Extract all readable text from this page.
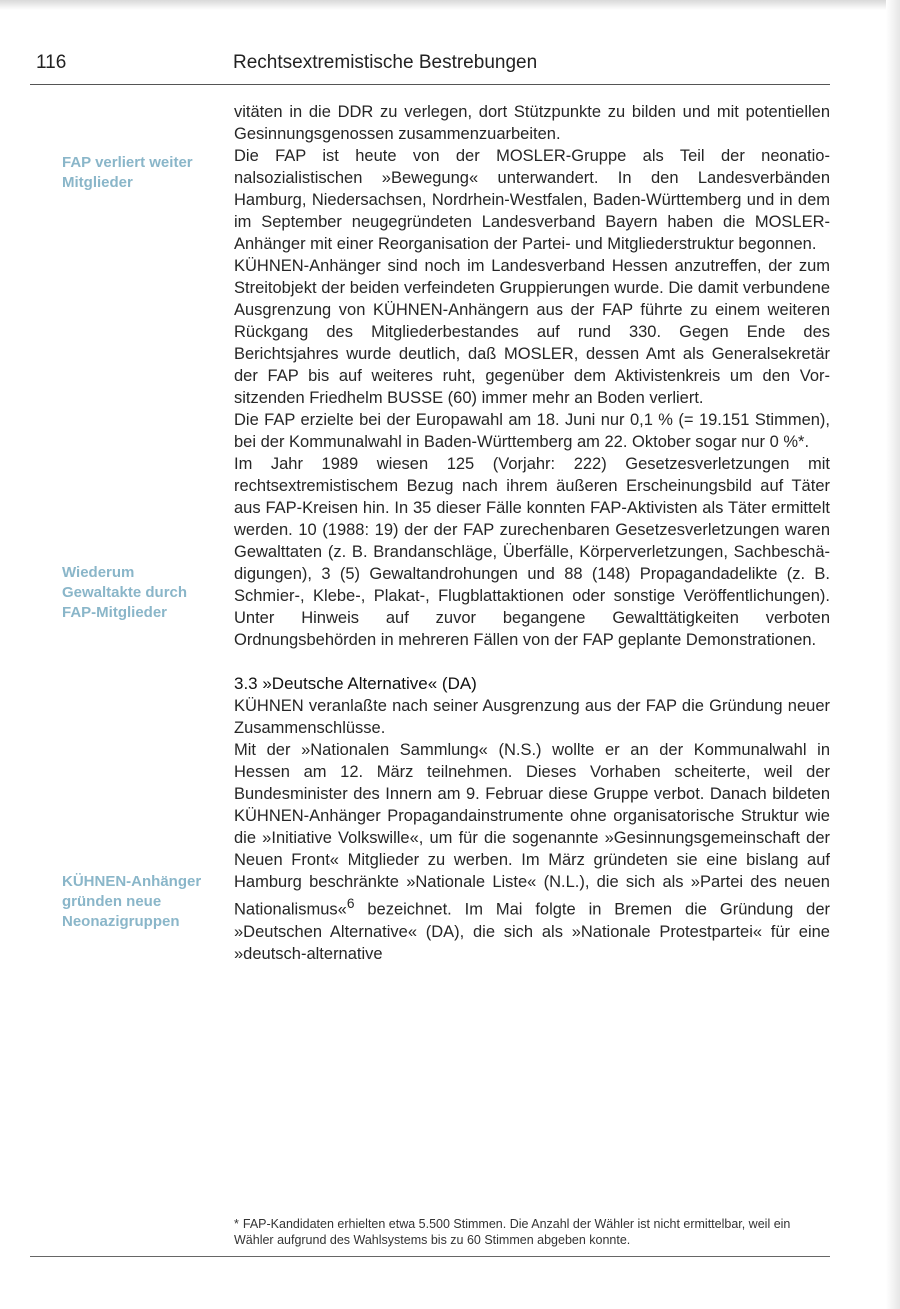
116	Rechtsextremistische Bestrebungen
FAP verliert weiter Mitglieder
Wiederum Gewaltakte durch FAP-Mitglieder
KÜHNEN-Anhänger gründen neue Neonazigruppen

vitäten in die DDR zu verlegen, dort Stützpunkte zu bilden und mit potentiellen Gesinnungsgenossen zusammenzuarbeiten.

Die FAP ist heute von der MOSLER-Gruppe als Teil der neonationalsozialistischen »Bewegung« unterwandert. In den Landesverbänden Hamburg, Niedersachsen, Nordrhein-Westfalen, Baden-Württemberg und in dem im September neugegründeten Landesverband Bayern haben die MOSLER-Anhänger mit einer Reorganisation der Partei- und Mitgliederstruktur begonnen.

KÜHNEN-Anhänger sind noch im Landesverband Hessen anzutreffen, der zum Streitobjekt der beiden verfeindeten Gruppierungen wurde. Die damit verbundene Ausgrenzung von KÜHNEN-Anhängern aus der FAP führte zu einem weiteren Rückgang des Mitgliederbestandes auf rund 330. Gegen Ende des Berichtsjahres wurde deutlich, daß MOSLER, dessen Amt als Generalsekretär der FAP bis auf weiteres ruht, gegenüber dem Aktivistenkreis um den Vorsitzenden Friedhelm BUSSE (60) immer mehr an Boden verliert.

Die FAP erzielte bei der Europawahl am 18. Juni nur 0,1 % (= 19.151 Stimmen), bei der Kommunalwahl in Baden-Württemberg am 22. Oktober sogar nur 0 %*.

Im Jahr 1989 wiesen 125 (Vorjahr: 222) Gesetzesverletzungen mit rechtsextremistischem Bezug nach ihrem äußeren Erscheinungsbild auf Täter aus FAP-Kreisen hin. In 35 dieser Fälle konnten FAP-Aktivisten als Täter ermittelt werden. 10 (1988: 19) der der FAP zurechenbaren Gesetzesverletzungen waren Gewalttaten (z. B. Brandanschläge, Überfälle, Körperverletzungen, Sachbeschädigungen), 3 (5) Gewaltandrohungen und 88 (148) Propagandadelikte (z. B. Schmier-, Klebe-, Plakat-, Flugblattaktionen oder sonstige Veröffentlichungen). Unter Hinweis auf zuvor begangene Gewalttätigkeiten verboten Ordnungsbehörden in mehreren Fällen von der FAP geplante Demonstrationen.

3.3 »Deutsche Alternative« (DA)

KÜHNEN veranlaßte nach seiner Ausgrenzung aus der FAP die Gründung neuer Zusammenschlüsse.

Mit der »Nationalen Sammlung« (N.S.) wollte er an der Kommunalwahl in Hessen am 12. März teilnehmen. Dieses Vorhaben scheiterte, weil der Bundesminister des Innern am 9. Februar diese Gruppe verbot. Danach bildeten KÜHNEN-Anhänger Propagandainstrumente ohne organisatorische Struktur wie die »Initiative Volkswille«, um für die sogenannte »Gesinnungsgemeinschaft der Neuen Front« Mitglieder zu werben. Im März gründeten sie eine bislang auf Hamburg beschränkte »Nationale Liste« (N.L.), die sich als »Partei des neuen Nationalismus«$^6$ bezeichnet. Im Mai folgte in Bremen die Gründung der »Deutschen Alternative« (DA), die sich als »Nationale Protestpartei« für eine »deutsch-alternative

* FAP-Kandidaten erhielten etwa 5.500 Stimmen. Die Anzahl der Wähler ist nicht ermittelbar, weil ein Wähler aufgrund des Wahlsystems bis zu 60 Stimmen abgeben konnte.
